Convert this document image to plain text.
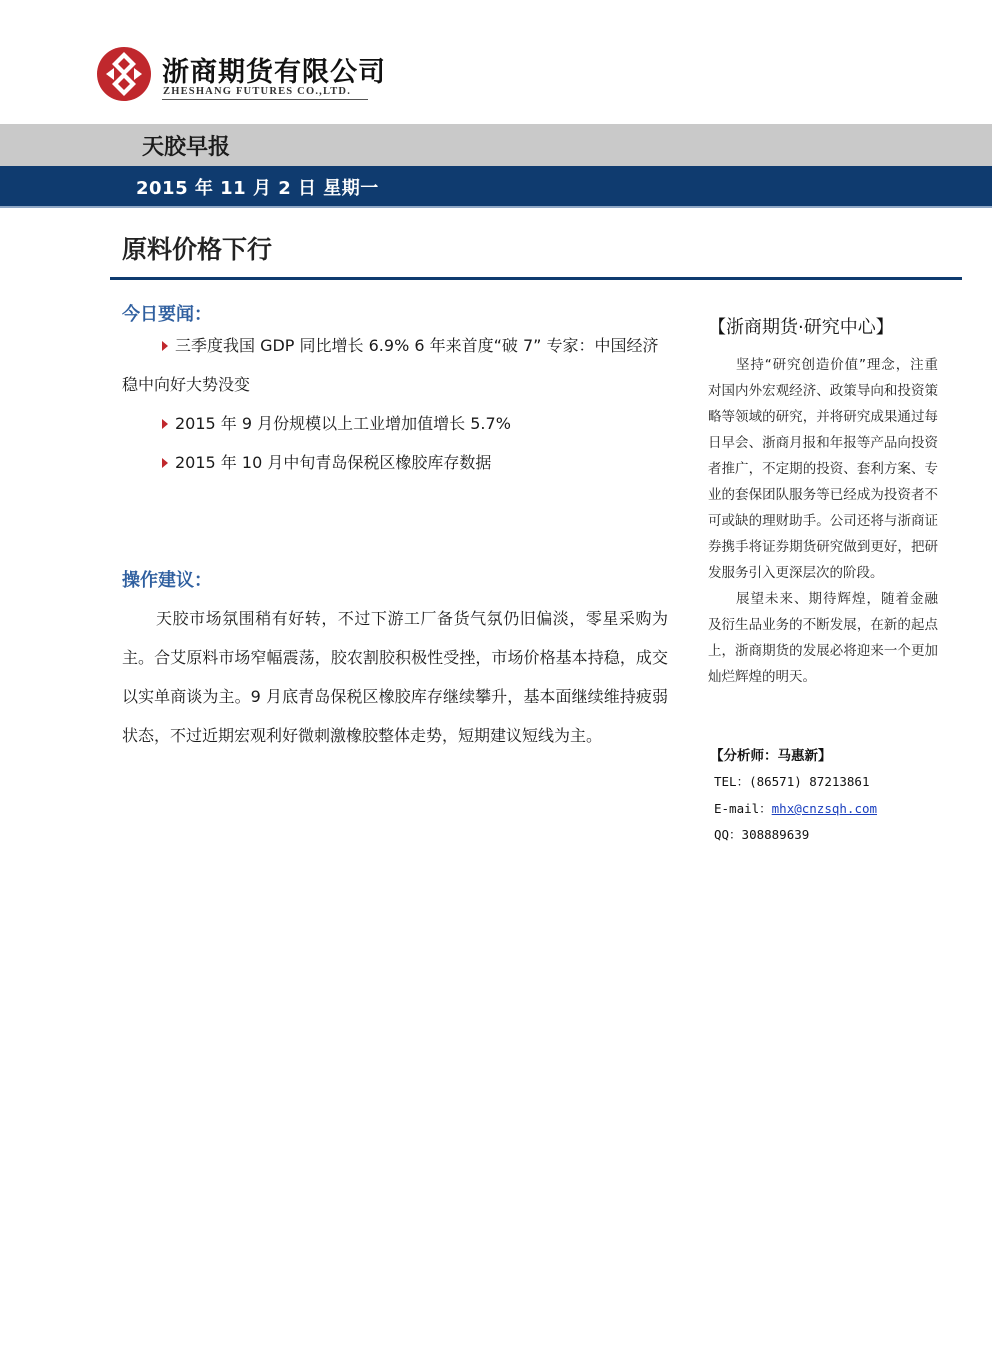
浙商期货有限公司
ZHESHANG FUTURES CO.,LTD.
天胶早报
2015 年 11 月 2 日 星期一
原料价格下行
今日要闻：
三季度我国 GDP 同比增长 6.9% 6 年来首度“破 7” 专家：中国经济稳中向好大势没变
2015 年 9 月份规模以上工业增加值增长 5.7%
2015 年 10 月中旬青岛保税区橡胶库存数据
操作建议：

天胶市场氛围稍有好转，不过下游工厂备货气氛仍旧偏淡，零星采购为主。合艾原料市场窄幅震荡，胶农割胶积极性受挫，市场价格基本持稳，成交以实单商谈为主。9 月底青岛保税区橡胶库存继续攀升，基本面继续维持疲弱状态，不过近期宏观利好微刺激橡胶整体走势，短期建议短线为主。

【浙商期货·研究中心】

坚持“研究创造价值”理念，注重对国内外宏观经济、政策导向和投资策略等领域的研究，并将研究成果通过每日早会、浙商月报和年报等产品向投资者推广，不定期的投资、套利方案、专业的套保团队服务等已经成为投资者不可或缺的理财助手。公司还将与浙商证券携手将证券期货研究做到更好，把研发服务引入更深层次的阶段。

展望未来、期待辉煌，随着金融及衍生品业务的不断发展，在新的起点上，浙商期货的发展必将迎来一个更加灿烂辉煌的明天。

【分析师：马惠新】
TEL：(86571) 87213861
E-mail：mhx@cnzsqh.com
QQ：308889639
